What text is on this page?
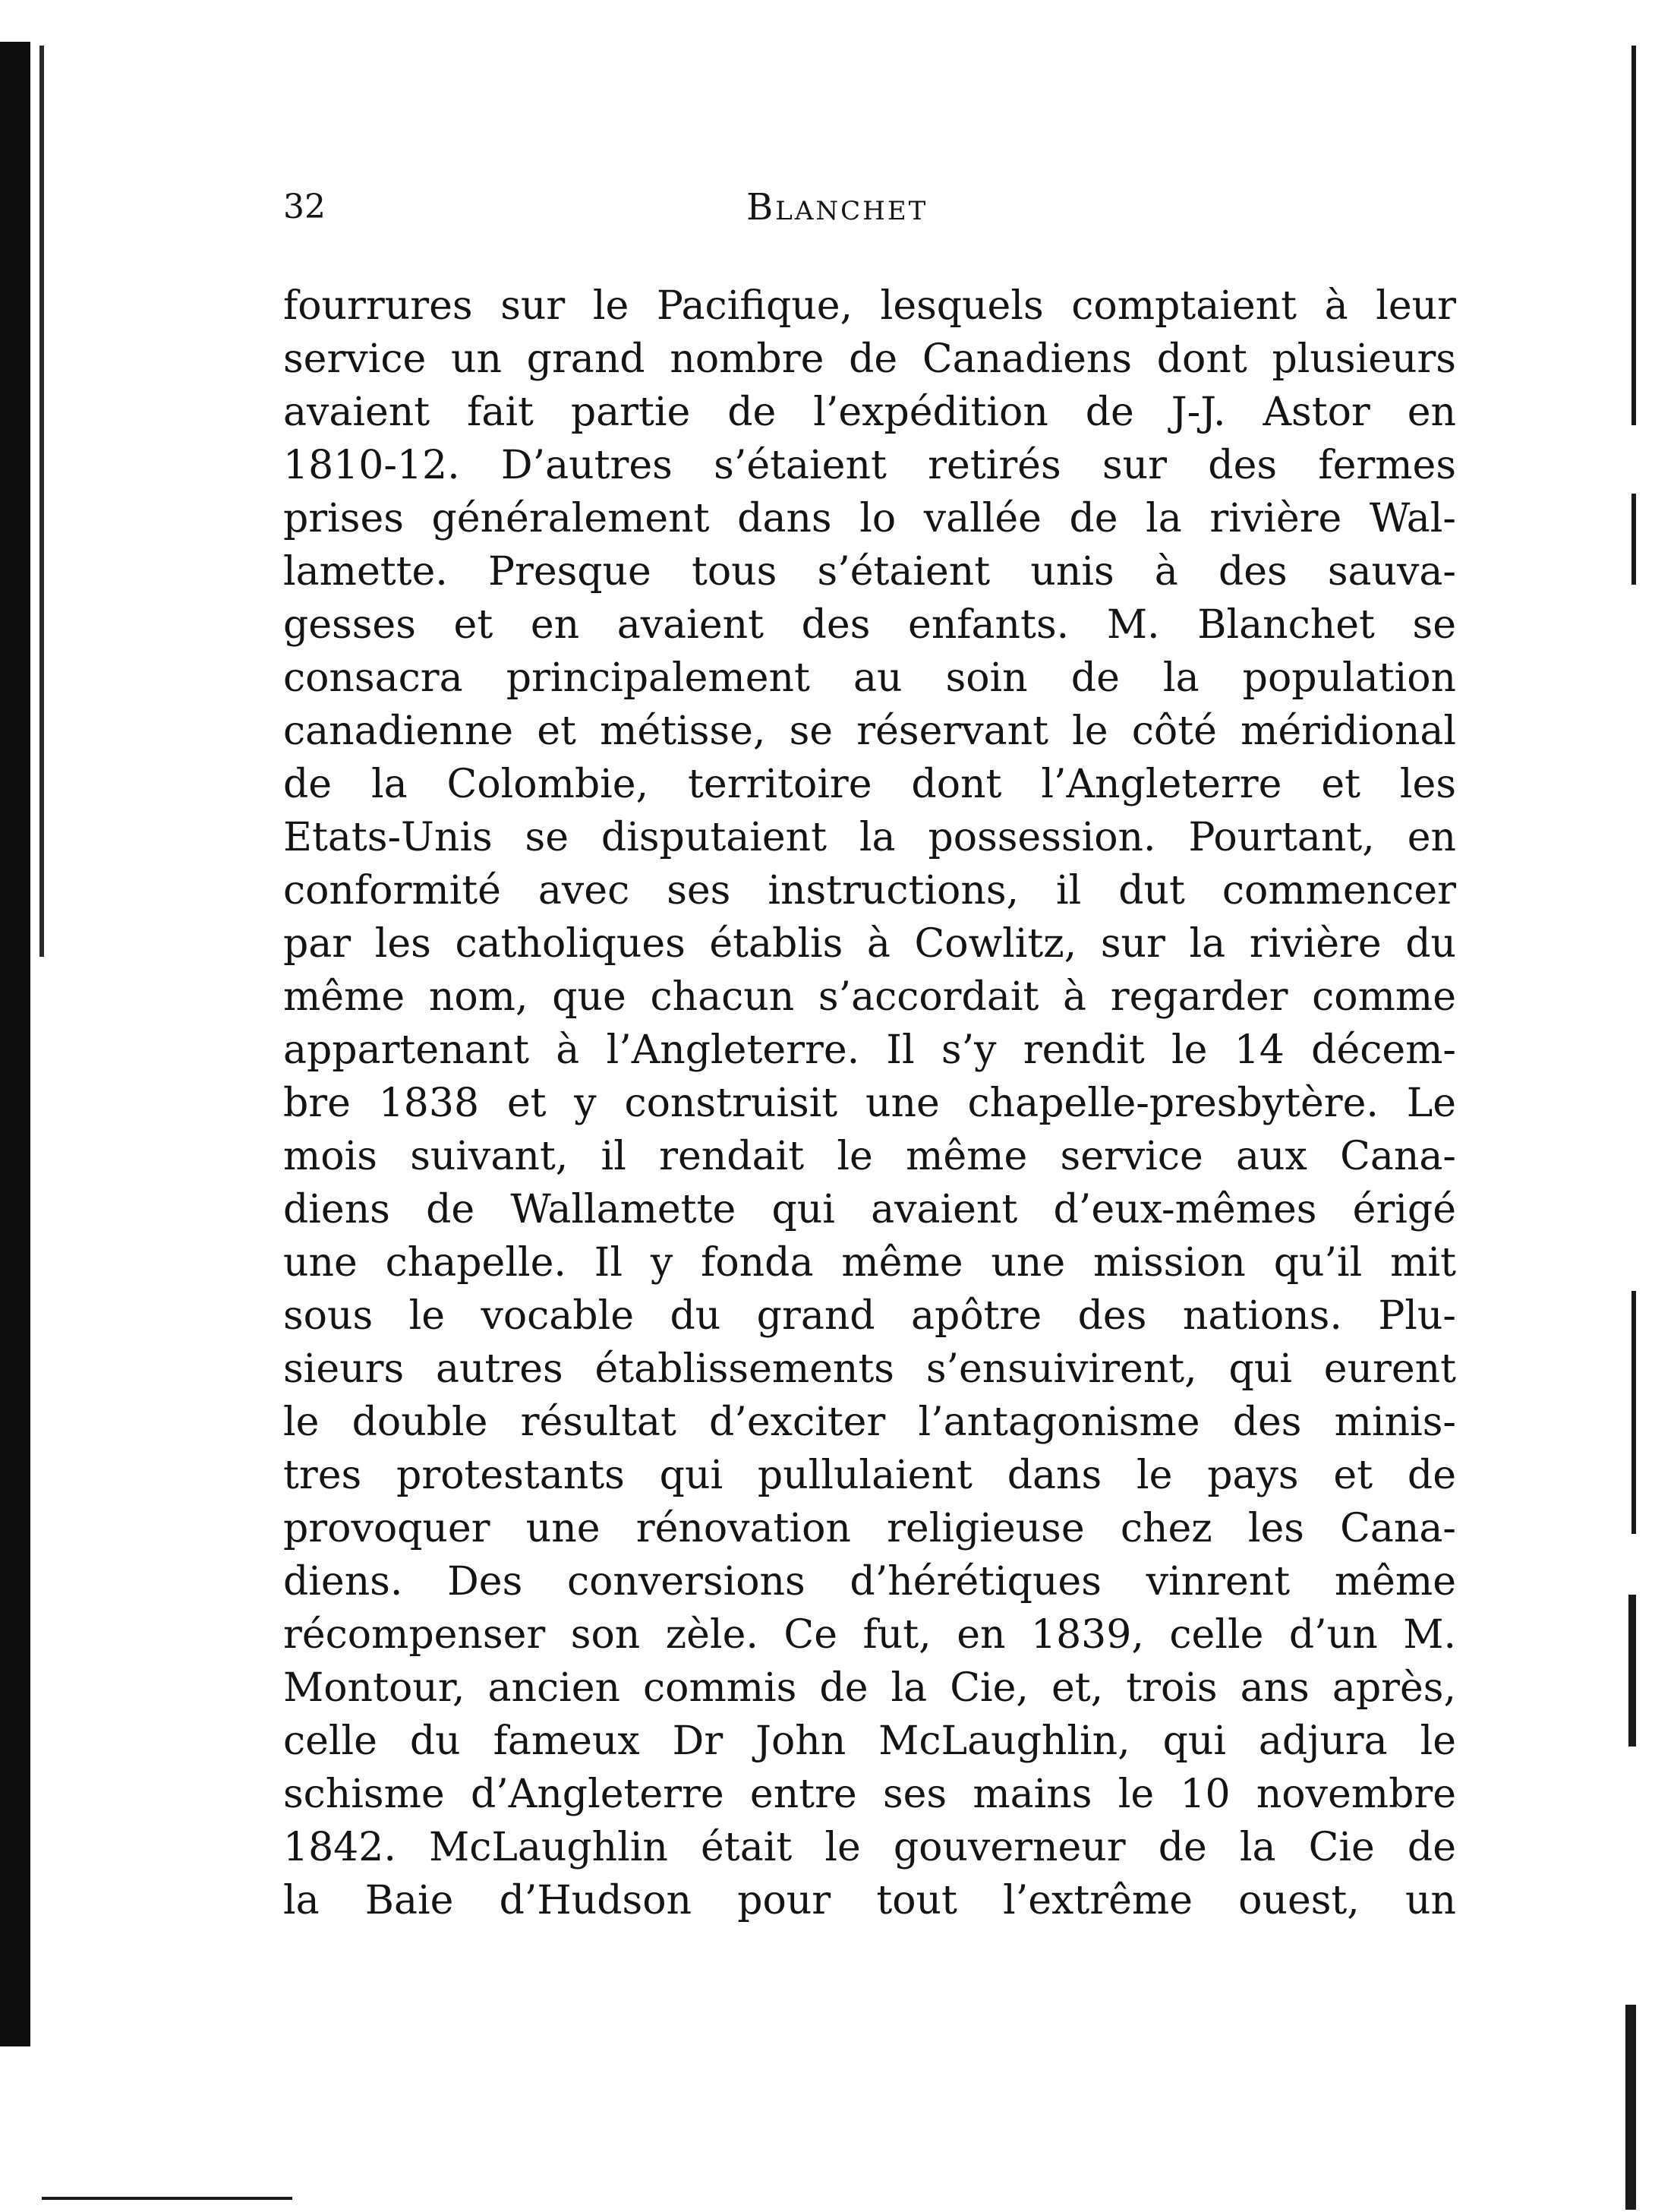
32	Blanchet
fourrures sur le Pacifique, lesquels comptaient à leur
service un grand nombre de Canadiens dont plusieurs
avaient fait partie de l’expédition de J-J. Astor en
1810-12. D’autres s’étaient retirés sur des fermes
prises généralement dans lo vallée de la rivière Wal-
lamette. Presque tous s’étaient unis à des sauva-
gesses et en avaient des enfants. M. Blanchet se
consacra principalement au soin de la population
canadienne et métisse, se réservant le côté méridional
de la Colombie, territoire dont l’Angleterre et les
Etats-Unis se disputaient la possession. Pourtant, en
conformité avec ses instructions, il dut commencer
par les catholiques établis à Cowlitz, sur la rivière du
même nom, que chacun s’accordait à regarder comme
appartenant à l’Angleterre. Il s’y rendit le 14 décem-
bre 1838 et y construisit une chapelle-presbytère. Le
mois suivant, il rendait le même service aux Cana-
diens de Wallamette qui avaient d’eux-mêmes érigé
une chapelle. Il y fonda même une mission qu’il mit
sous le vocable du grand apôtre des nations. Plu-
sieurs autres établissements s’ensuivirent, qui eurent
le double résultat d’exciter l’antagonisme des minis-
tres protestants qui pullulaient dans le pays et de
provoquer une rénovation religieuse chez les Cana-
diens. Des conversions d’hérétiques vinrent même
récompenser son zèle. Ce fut, en 1839, celle d’un M.
Montour, ancien commis de la Cie, et, trois ans après,
celle du fameux Dr John McLaughlin, qui adjura le
schisme d’Angleterre entre ses mains le 10 novembre
1842. McLaughlin était le gouverneur de la Cie de
la Baie d’Hudson pour tout l’extrême ouest, un
